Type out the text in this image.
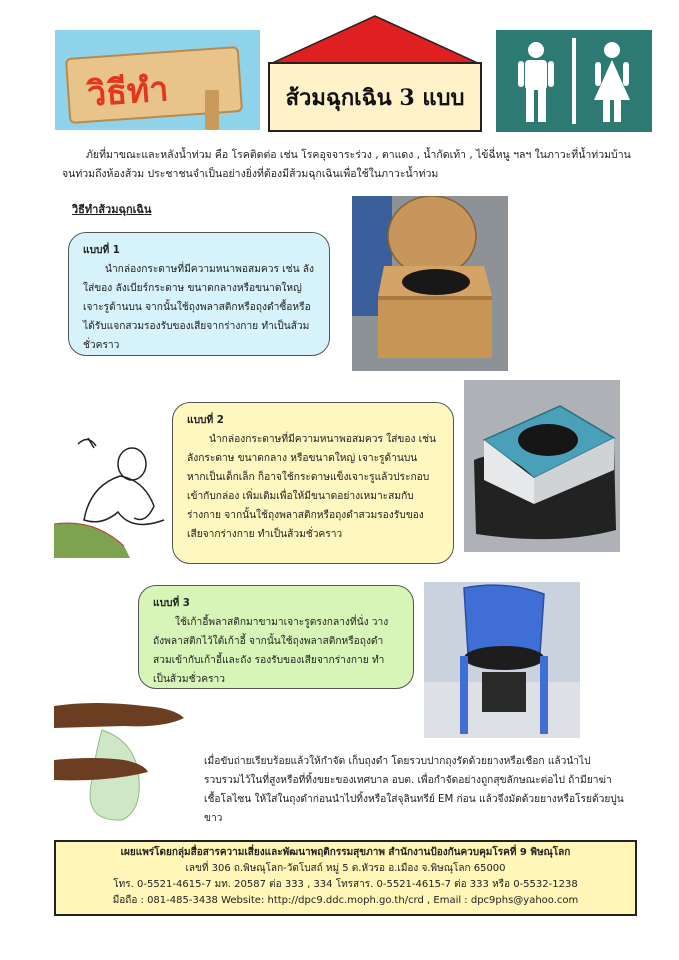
วิธีทำ	ส้วมฉุกเฉิน 3 แบบ
ภัยที่มาขณะและหลังน้ำท่วม คือ โรคติดต่อ เช่น โรคอุจจาระร่วง , ตาแดง , น้ำกัดเท้า , ไข้ฉี่หนู ฯลฯ ในภาวะที่น้ำท่วมบ้านจนท่วมถึงห้องส้วม ประชาชนจำเป็นอย่างยิ่งที่ต้องมีส้วมฉุกเฉินเพื่อใช้ในภาวะน้ำท่วม
วิธีทำส้วมฉุกเฉิน
แบบที่ 1
นำกล่องกระดาษที่มีความหนาพอสมควร เช่น ลังใส่ของ ลังเบียร์กระดาษ ขนาดกลางหรือขนาดใหญ่ เจาะรูด้านบน จากนั้นใช้ถุงพลาสติกหรือถุงดำซื้อหรือได้รับแจกสวมรองรับของเสียจากร่างกาย ทำเป็นส้วมชั่วคราว
แบบที่ 2
นำกล่องกระดาษที่มีความหนาพอสมควร ใส่ของ เช่น ลังกระดาษ ขนาดกลาง หรือขนาดใหญ่ เจาะรูด้านบน หากเป็นเด็กเล็ก ก็อาจใช้กระดาษแข็งเจาะรูแล้วประกอบเข้ากับกล่อง เพิ่มเติมเพื่อให้มีขนาดอย่างเหมาะสมกับร่างกาย จากนั้นใช้ถุงพลาสติกหรือถุงดำสวมรองรับของเสียจากร่างกาย ทำเป็นส้วมชั่วคราว
แบบที่ 3
ใช้เก้าอี้พลาสติกมาขามาเจาะรูตรงกลางที่นั่ง วางถังพลาสติกไว้ใต้เก้าอี้ จากนั้นใช้ถุงพลาสติกหรือถุงดำสวมเข้ากับเก้าอี้และถัง รองรับของเสียจากร่างกาย ทำเป็นส้วมชั่วคราว
เมื่อขับถ่ายเรียบร้อยแล้วให้กำจัด เก็บถุงดำ โดยรวบปากถุงรัดด้วยยางหรือเชือก แล้วนำไปรวบรวมไว้ในที่สูงหรือที่ทิ้งขยะของเทศบาล อบต. เพื่อกำจัดอย่างถูกสุขลักษณะต่อไป ถ้ามียาฆ่าเชื้อโลไซน ให้ใส่ในถุงดำก่อนนำไปทิ้งหรือใส่จุลินทรีย์ EM ก่อน แล้วจึงมัดด้วยยางหรือโรยด้วยปูนขาว
เผยแพร่โดยกลุ่มสื่อสารความเสี่ยงและพัฒนาพฤติกรรมสุขภาพ สำนักงานป้องกันควบคุมโรคที่ 9 พิษณุโลก
เลขที่ 306 ถ.พิษณุโลก-วัดโบสถ์ หมู่ 5 ต.หัวรอ อ.เมือง จ.พิษณุโลก 65000
โทร. 0-5521-4615-7 มท. 20587 ต่อ 333 , 334 โทรสาร. 0-5521-4615-7 ต่อ 333 หรือ 0-5532-1238
มือถือ : 081-485-3438 Website: http://dpc9.ddc.moph.go.th/crd , Email : dpc9phs@yahoo.com
